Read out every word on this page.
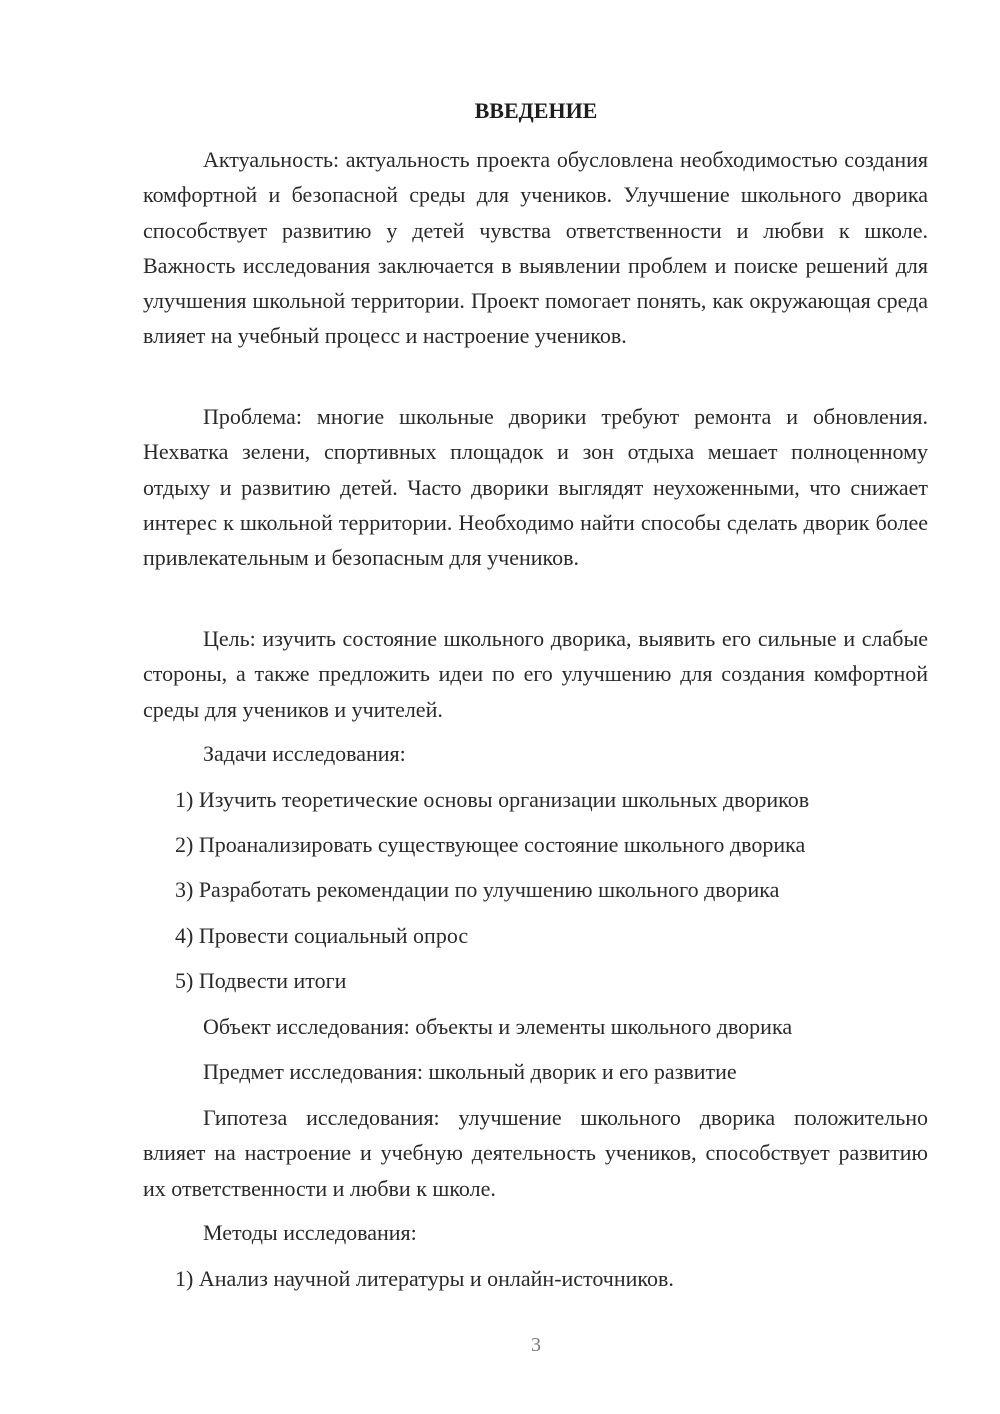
ВВЕДЕНИЕ

Актуальность: актуальность проекта обусловлена необходимостью создания комфортной и безопасной среды для учеников. Улучшение школьного дворика способствует развитию у детей чувства ответственности и любви к школе. Важность исследования заключается в выявлении проблем и поиске решений для улучшения школьной территории. Проект помогает понять, как окружающая среда влияет на учебный процесс и настроение учеников.

Проблема: многие школьные дворики требуют ремонта и обновления. Нехватка зелени, спортивных площадок и зон отдыха мешает полноценному отдыху и развитию детей. Часто дворики выглядят неухоженными, что снижает интерес к школьной территории. Необходимо найти способы сделать дворик более привлекательным и безопасным для учеников.

Цель: изучить состояние школьного дворика, выявить его сильные и слабые стороны, а также предложить идеи по его улучшению для создания комфортной среды для учеников и учителей.

Задачи исследования:
1) Изучить теоретические основы организации школьных двориков
2) Проанализировать существующее состояние школьного дворика
3) Разработать рекомендации по улучшению школьного дворика
4) Провести социальный опрос
5) Подвести итоги
Объект исследования: объекты и элементы школьного дворика
Предмет исследования: школьный дворик и его развитие

Гипотеза исследования: улучшение школьного дворика положительно влияет на настроение и учебную деятельность учеников, способствует развитию их ответственности и любви к школе.

Методы исследования:
1) Анализ научной литературы и онлайн-источников.
3
